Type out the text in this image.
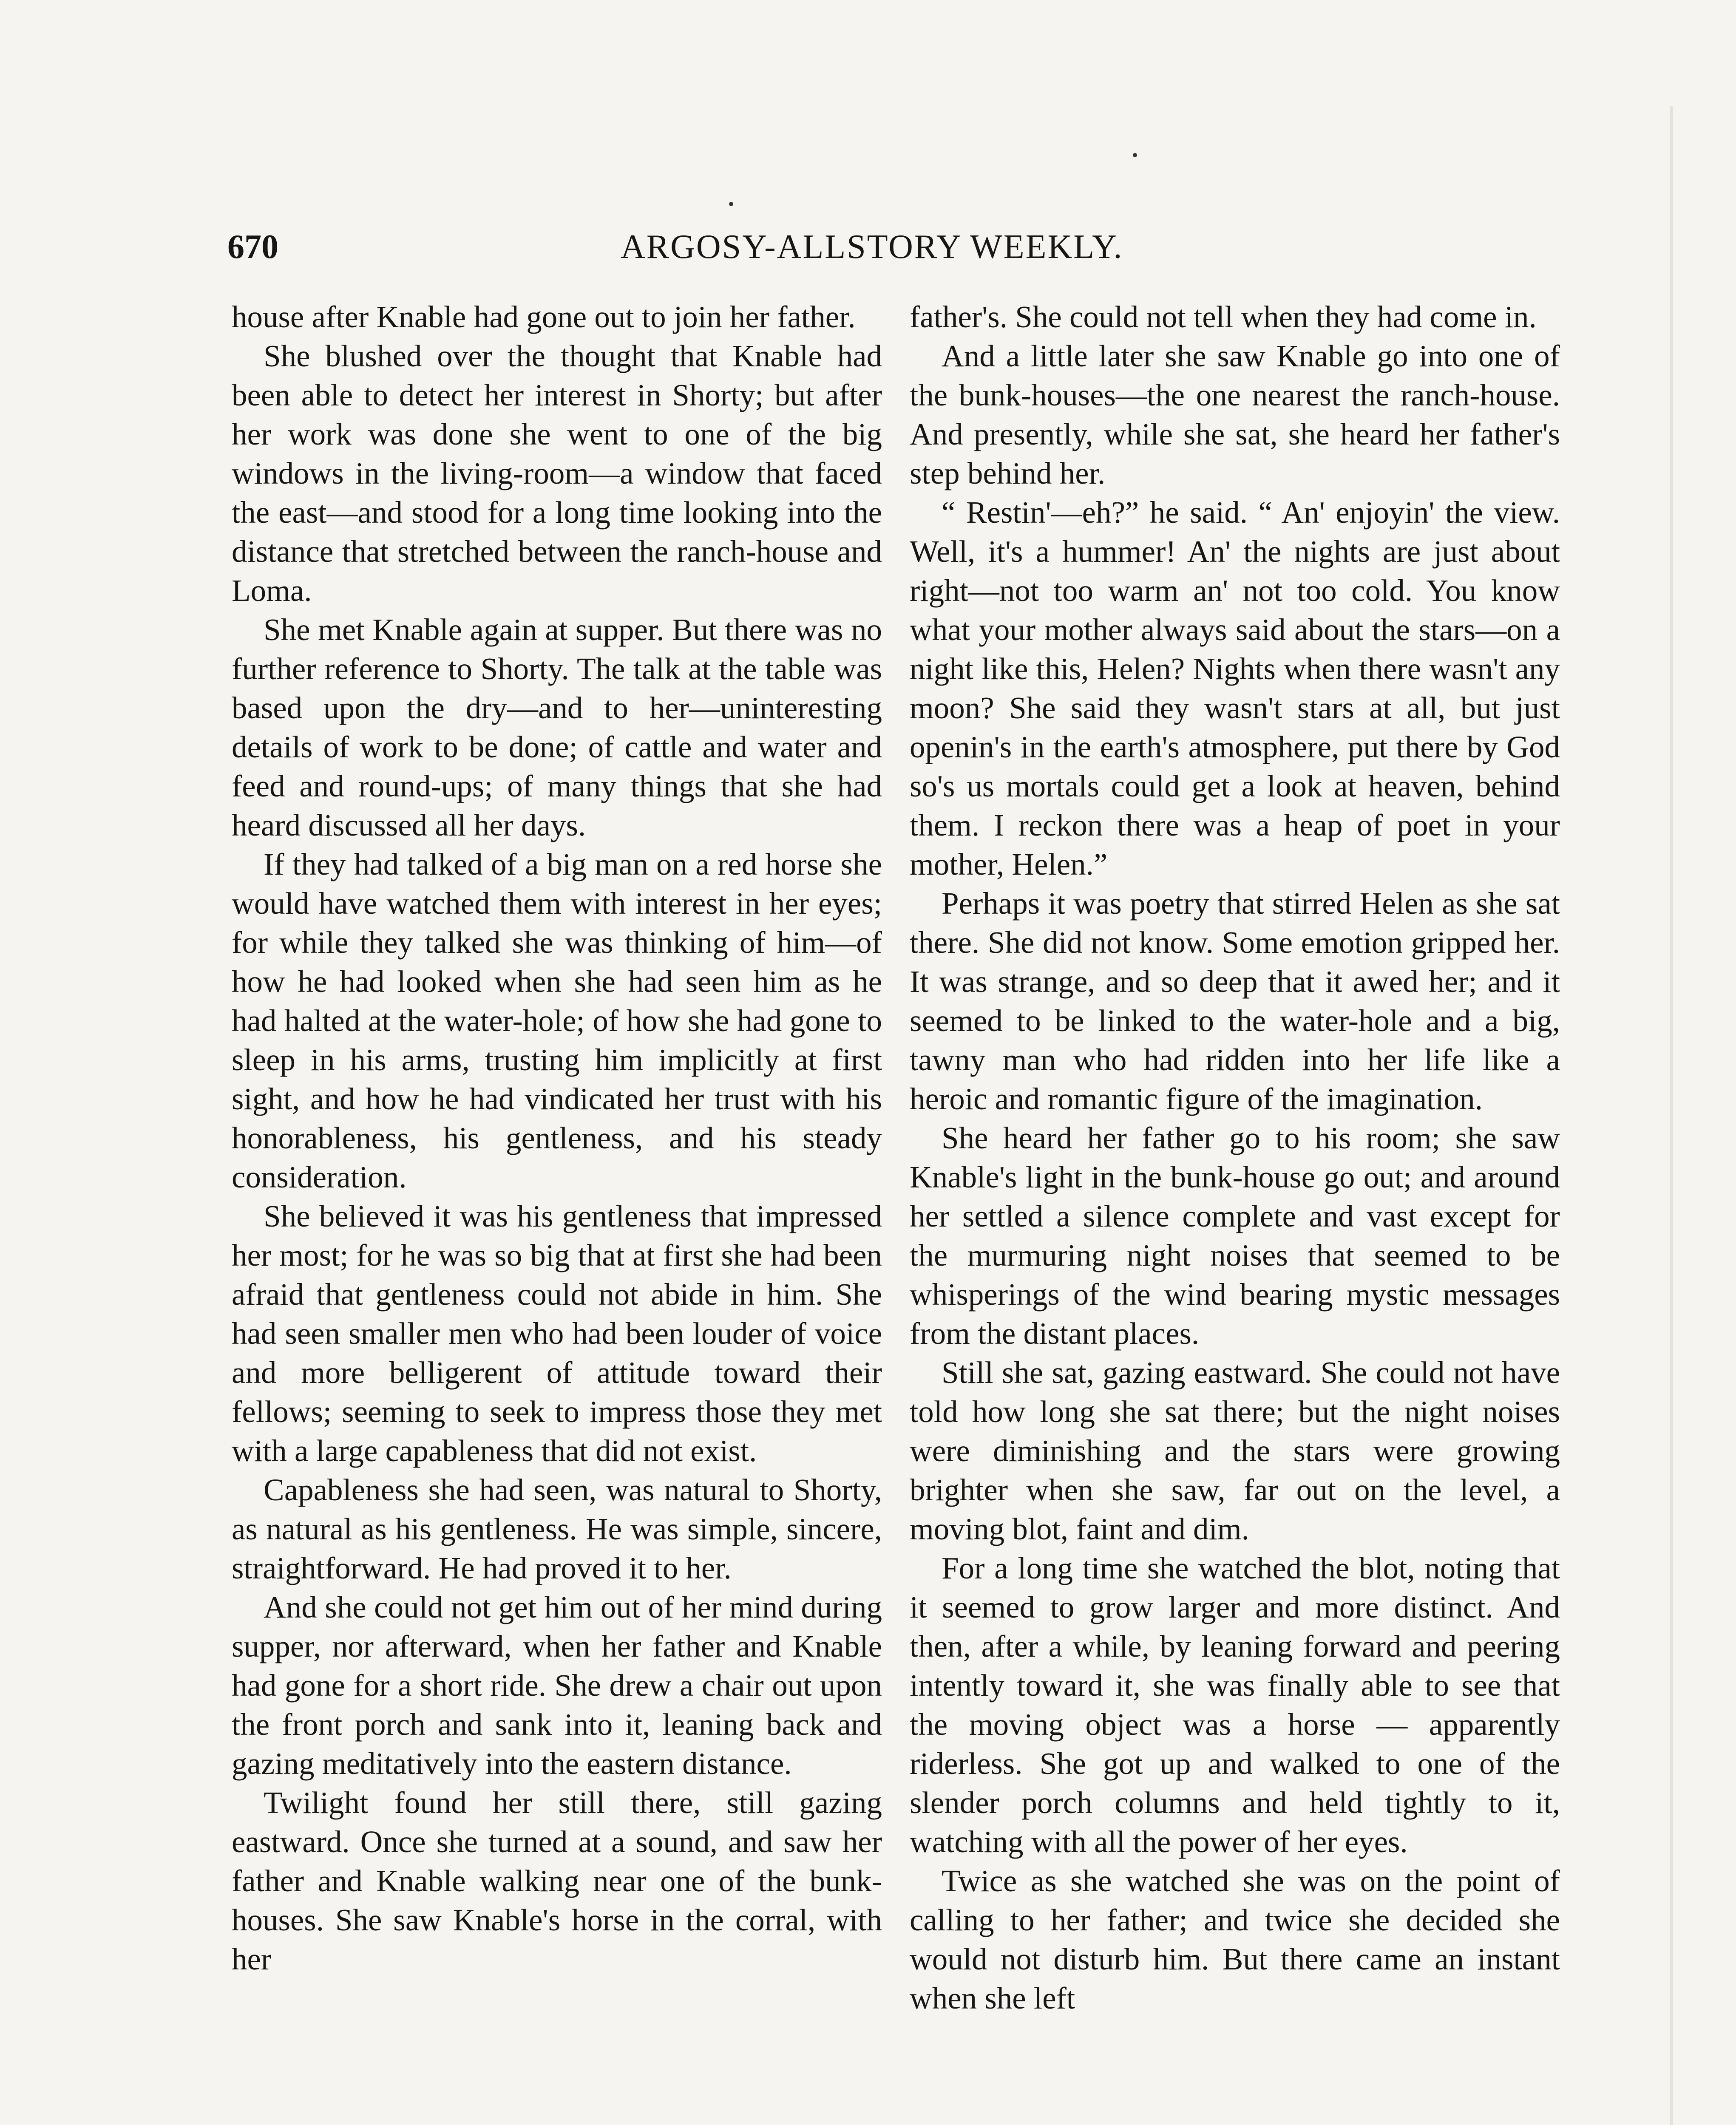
670	ARGOSY-ALLSTORY WEEKLY.

house after Knable had gone out to join her father.

She blushed over the thought that Knable had been able to detect her interest in Shorty; but after her work was done she went to one of the big windows in the living-room—a window that faced the east—and stood for a long time looking into the distance that stretched between the ranch-house and Loma.

She met Knable again at supper. But there was no further reference to Shorty. The talk at the table was based upon the dry—and to her—uninteresting details of work to be done; of cattle and water and feed and round-ups; of many things that she had heard discussed all her days.

If they had talked of a big man on a red horse she would have watched them with interest in her eyes; for while they talked she was thinking of him—of how he had looked when she had seen him as he had halted at the water-hole; of how she had gone to sleep in his arms, trusting him implicitly at first sight, and how he had vindicated her trust with his honorableness, his gentleness, and his steady consideration.

She believed it was his gentleness that impressed her most; for he was so big that at first she had been afraid that gentleness could not abide in him. She had seen smaller men who had been louder of voice and more belligerent of attitude toward their fellows; seeming to seek to impress those they met with a large capableness that did not exist.

Capableness she had seen, was natural to Shorty, as natural as his gentleness. He was simple, sincere, straightforward. He had proved it to her.

And she could not get him out of her mind during supper, nor afterward, when her father and Knable had gone for a short ride. She drew a chair out upon the front porch and sank into it, leaning back and gazing meditatively into the eastern distance.

Twilight found her still there, still gazing eastward. Once she turned at a sound, and saw her father and Knable walking near one of the bunk-houses. She saw Knable's horse in the corral, with her

father's. She could not tell when they had come in.

And a little later she saw Knable go into one of the bunk-houses—the one nearest the ranch-house. And presently, while she sat, she heard her father's step behind her.

“ Restin'—eh?” he said. “ An' enjoyin' the view. Well, it's a hummer! An' the nights are just about right—not too warm an' not too cold. You know what your mother always said about the stars—on a night like this, Helen? Nights when there wasn't any moon? She said they wasn't stars at all, but just openin's in the earth's atmosphere, put there by God so's us mortals could get a look at heaven, behind them. I reckon there was a heap of poet in your mother, Helen.”

Perhaps it was poetry that stirred Helen as she sat there. She did not know. Some emotion gripped her. It was strange, and so deep that it awed her; and it seemed to be linked to the water-hole and a big, tawny man who had ridden into her life like a heroic and romantic figure of the imagination.

She heard her father go to his room; she saw Knable's light in the bunk-house go out; and around her settled a silence complete and vast except for the murmuring night noises that seemed to be whisperings of the wind bearing mystic messages from the distant places.

Still she sat, gazing eastward. She could not have told how long she sat there; but the night noises were diminishing and the stars were growing brighter when she saw, far out on the level, a moving blot, faint and dim.

For a long time she watched the blot, noting that it seemed to grow larger and more distinct. And then, after a while, by leaning forward and peering intently toward it, she was finally able to see that the moving object was a horse — apparently riderless. She got up and walked to one of the slender porch columns and held tightly to it, watching with all the power of her eyes.

Twice as she watched she was on the point of calling to her father; and twice she decided she would not disturb him. But there came an instant when she left
